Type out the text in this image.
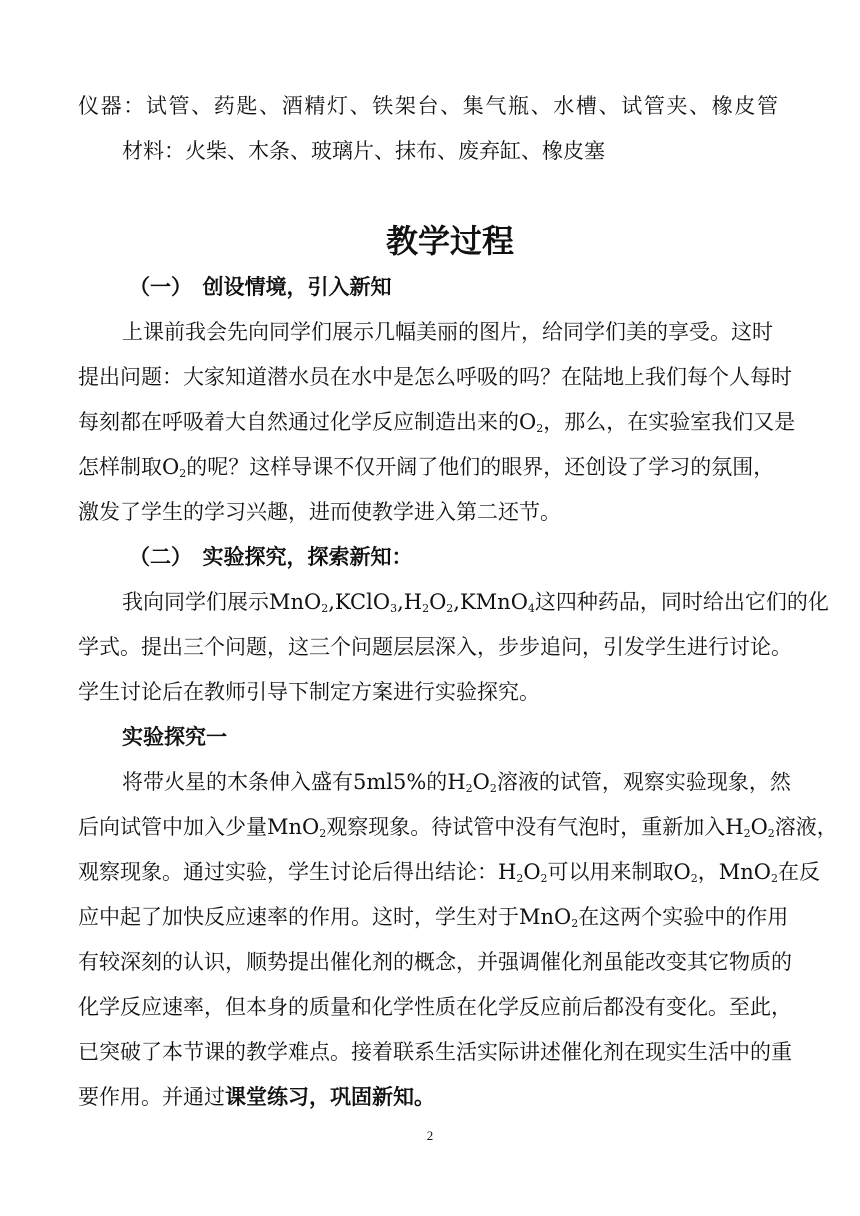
仪器：试管、药匙、酒精灯、铁架台、集气瓶、水槽、试管夹、橡皮管
材料：火柴、木条、玻璃片、抹布、废弃缸、橡皮塞
教学过程
（一）　创设情境，引入新知
上课前我会先向同学们展示几幅美丽的图片，给同学们美的享受。这时
提出问题：大家知道潜水员在水中是怎么呼吸的吗？在陆地上我们每个人每时
每刻都在呼吸着大自然通过化学反应制造出来的$O_2$，那么，在实验室我们又是
怎样制取$O_2$的呢？这样导课不仅开阔了他们的眼界，还创设了学习的氛围，
激发了学生的学习兴趣，进而使教学进入第二还节。
（二）　实验探究，探索新知：
我向同学们展示$MnO_2,KClO_3,H_2O_2,KMnO_4$这四种药品，同时给出它们的化
学式。提出三个问题，这三个问题层层深入，步步追问，引发学生进行讨论。
学生讨论后在教师引导下制定方案进行实验探究。
实验探究一
将带火星的木条伸入盛有5ml5%的$H_2O_2$溶液的试管，观察实验现象，然
后向试管中加入少量MnO$_2$观察现象。待试管中没有气泡时，重新加入$H_2O_2$溶液，
观察现象。通过实验，学生讨论后得出结论：$H_2O_2$可以用来制取$O_2$，MnO$_2$在反
应中起了加快反应速率的作用。这时，学生对于MnO$_2$在这两个实验中的作用
有较深刻的认识，顺势提出催化剂的概念，并强调催化剂虽能改变其它物质的
化学反应速率，但本身的质量和化学性质在化学反应前后都没有变化。至此，
已突破了本节课的教学难点。接着联系生活实际讲述催化剂在现实生活中的重
要作用。并通过课堂练习，巩固新知。
2
